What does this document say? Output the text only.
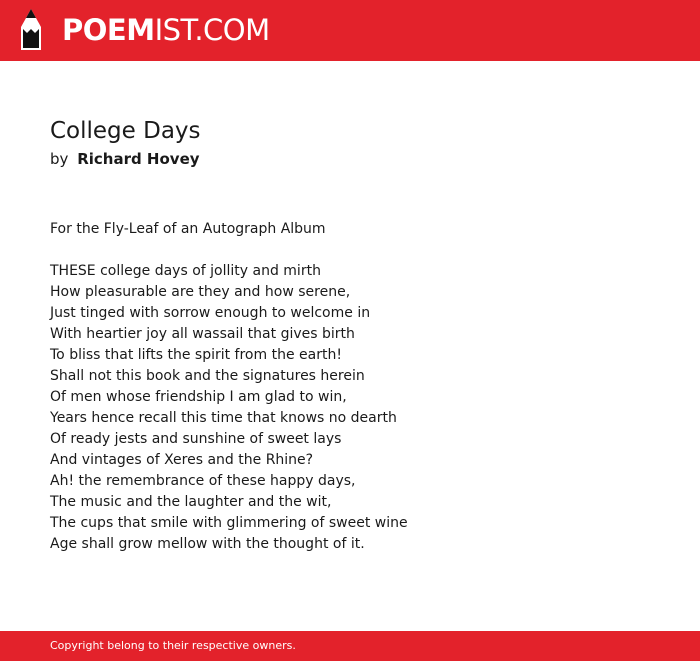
POEMIST.COM
College Days
by Richard Hovey
For the Fly-Leaf of an Autograph Album
THESE college days of jollity and mirth
How pleasurable are they and how serene,
Just tinged with sorrow enough to welcome in
With heartier joy all wassail that gives birth
To bliss that lifts the spirit from the earth!
Shall not this book and the signatures herein
Of men whose friendship I am glad to win,
Years hence recall this time that knows no dearth
Of ready jests and sunshine of sweet lays
And vintages of Xeres and the Rhine?
Ah! the remembrance of these happy days,
The music and the laughter and the wit,
The cups that smile with glimmering of sweet wine
Age shall grow mellow with the thought of it.
Copyright belong to their respective owners.
